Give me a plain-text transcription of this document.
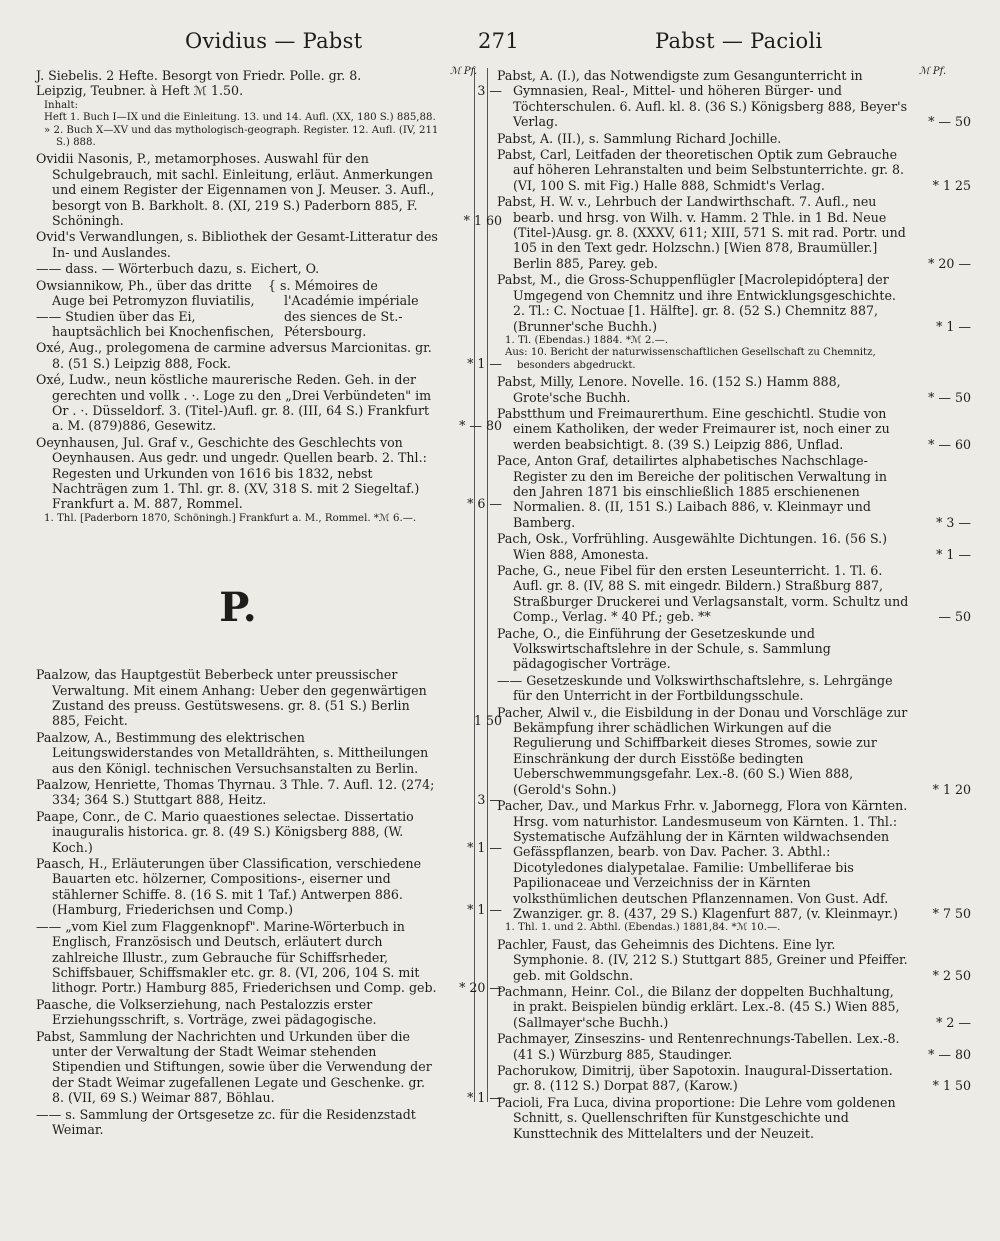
Ovidius — Pabst	271	Pabst — Pacioli
ℳ Pf.	ℳ Pf.
J. Siebelis. 2 Hefte. Besorgt von Friedr. Polle. gr. 8.
Leipzig, Teubner. à Heft ℳ 1.50.	3 —
Inhalt:
Heft 1. Buch I—IX und die Einleitung. 13. und 14. Aufl. (XX, 180 S.) 885,88.
» 2. Buch X—XV und das mythologisch-geograph. Register. 12. Aufl. (IV, 211 S.) 888.
Ovidii Nasonis, P., metamorphoses. Auswahl für den Schulgebrauch, mit sachl. Einleitung, erläut. Anmerkungen und einem Register der Eigennamen von J. Meuser. 3. Aufl., besorgt von B. Barkholt. 8. (XI, 219 S.) Paderborn 885, F. Schöningh.	* 1 60
Ovid's Verwandlungen, s. Bibliothek der Gesamt-Litteratur des In- und Auslandes.
—— dass. — Wörterbuch dazu, s. Eichert, O.
Owsiannikow, Ph., über das dritte Auge bei Petromyzon fluviatilis,
—— Studien über das Ei, hauptsächlich bei Knochenfischen,
{ s. Mémoires de l'Académie impériale des siences de St.-Pétersbourg.
Oxé, Aug., prolegomena de carmine adversus Marcionitas. gr. 8. (51 S.) Leipzig 888, Fock.	* 1 —
Oxé, Ludw., neun köstliche maurerische Reden. Geh. in der gerechten und vollk . ·. Loge zu den „Drei Verbündeten" im Or . ·. Düsseldorf. 3. (Titel-)Aufl. gr. 8. (III, 64 S.) Frankfurt a. M. (879)886, Gesewitz.	* — 80
Oeynhausen, Jul. Graf v., Geschichte des Geschlechts von Oeynhausen. Aus gedr. und ungedr. Quellen bearb. 2. Thl.: Regesten und Urkunden von 1616 bis 1832, nebst Nachträgen zum 1. Thl. gr. 8. (XV, 318 S. mit 2 Siegeltaf.) Frankfurt a. M. 887, Rommel.	* 6 —
1. Thl. [Paderborn 1870, Schöningh.] Frankfurt a. M., Rommel. *ℳ 6.—.
P.
Paalzow, das Hauptgestüt Beberbeck unter preussischer Verwaltung. Mit einem Anhang: Ueber den gegenwärtigen Zustand des preuss. Gestütswesens. gr. 8. (51 S.) Berlin 885, Feicht.	1 50
Paalzow, A., Bestimmung des elektrischen Leitungswiderstandes von Metalldrähten, s. Mittheilungen aus den Königl. technischen Versuchsanstalten zu Berlin.
Paalzow, Henriette, Thomas Thyrnau. 3 Thle. 7. Aufl. 12. (274; 334; 364 S.) Stuttgart 888, Heitz.	3 —
Paape, Conr., de C. Mario quaestiones selectae. Dissertatio inauguralis historica. gr. 8. (49 S.) Königsberg 888, (W. Koch.)	* 1 —
Paasch, H., Erläuterungen über Classification, verschiedene Bauarten etc. hölzerner, Compositions-, eiserner und stählerner Schiffe. 8. (16 S. mit 1 Taf.) Antwerpen 886. (Hamburg, Friederichsen und Comp.)	* 1 —
—— „vom Kiel zum Flaggenknopf". Marine-Wörterbuch in Englisch, Französisch und Deutsch, erläutert durch zahlreiche Illustr., zum Gebrauche für Schiffsrheder, Schiffsbauer, Schiffsmakler etc. gr. 8. (VI, 206, 104 S. mit lithogr. Portr.) Hamburg 885, Friederichsen und Comp. geb.	* 20 —
Paasche, die Volkserziehung, nach Pestalozzis erster Erziehungsschrift, s. Vorträge, zwei pädagogische.
Pabst, Sammlung der Nachrichten und Urkunden über die unter der Verwaltung der Stadt Weimar stehenden Stipendien und Stiftungen, sowie über die Verwendung der der Stadt Weimar zugefallenen Legate und Geschenke. gr. 8. (VII, 69 S.) Weimar 887, Böhlau.	* 1 —
—— s. Sammlung der Ortsgesetze zc. für die Residenzstadt Weimar.
Pabst, A. (I.), das Notwendigste zum Gesangunterricht in Gymnasien, Real-, Mittel- und höheren Bürger- und Töchterschulen. 6. Aufl. kl. 8. (36 S.) Königsberg 888, Beyer's Verlag.	* — 50
Pabst, A. (II.), s. Sammlung Richard Jochille.
Pabst, Carl, Leitfaden der theoretischen Optik zum Gebrauche auf höheren Lehranstalten und beim Selbstunterrichte. gr. 8. (VI, 100 S. mit Fig.) Halle 888, Schmidt's Verlag.	* 1 25
Pabst, H. W. v., Lehrbuch der Landwirthschaft. 7. Aufl., neu bearb. und hrsg. von Wilh. v. Hamm. 2 Thle. in 1 Bd. Neue (Titel-)Ausg. gr. 8. (XXXV, 611; XIII, 571 S. mit rad. Portr. und 105 in den Text gedr. Holzschn.) [Wien 878, Braumüller.] Berlin 885, Parey. geb.	* 20 —
Pabst, M., die Gross-Schuppenflügler [Macrolepidóptera] der Umgegend von Chemnitz und ihre Entwicklungsgeschichte. 2. Tl.: C. Noctuae [1. Hälfte]. gr. 8. (52 S.) Chemnitz 887, (Brunner'sche Buchh.)	* 1 —
1. Tl. (Ebendas.) 1884. *ℳ 2.—.
Aus: 10. Bericht der naturwissenschaftlichen Gesellschaft zu Chemnitz, besonders abgedruckt.
Pabst, Milly, Lenore. Novelle. 16. (152 S.) Hamm 888, Grote'sche Buchh.	* — 50
Pabstthum und Freimaurerthum. Eine geschichtl. Studie von einem Katholiken, der weder Freimaurer ist, noch einer zu werden beabsichtigt. 8. (39 S.) Leipzig 886, Unflad.	* — 60
Pace, Anton Graf, detailirtes alphabetisches Nachschlage-Register zu den im Bereiche der politischen Verwaltung in den Jahren 1871 bis einschließlich 1885 erschienenen Normalien. 8. (II, 151 S.) Laibach 886, v. Kleinmayr und Bamberg.	* 3 —
Pach, Osk., Vorfrühling. Ausgewählte Dichtungen. 16. (56 S.) Wien 888, Amonesta.	* 1 —
Pache, G., neue Fibel für den ersten Leseunterricht. 1. Tl. 6. Aufl. gr. 8. (IV, 88 S. mit eingedr. Bildern.) Straßburg 887, Straßburger Druckerei und Verlagsanstalt, vorm. Schultz und Comp., Verlag. * 40 Pf.; geb. **	— 50
Pache, O., die Einführung der Gesetzeskunde und Volkswirtschaftslehre in der Schule, s. Sammlung pädagogischer Vorträge.
—— Gesetzeskunde und Volkswirthschaftslehre, s. Lehrgänge für den Unterricht in der Fortbildungsschule.
Pacher, Alwil v., die Eisbildung in der Donau und Vorschläge zur Bekämpfung ihrer schädlichen Wirkungen auf die Regulierung und Schiffbarkeit dieses Stromes, sowie zur Einschränkung der durch Eisstöße bedingten Ueberschwemmungsgefahr. Lex.-8. (60 S.) Wien 888, (Gerold's Sohn.)	* 1 20
Pacher, Dav., und Markus Frhr. v. Jabornegg, Flora von Kärnten. Hrsg. vom naturhistor. Landesmuseum von Kärnten. 1. Thl.: Systematische Aufzählung der in Kärnten wildwachsenden Gefässpflanzen, bearb. von Dav. Pacher. 3. Abthl.: Dicotyledones dialypetalae. Familie: Umbelliferae bis Papilionaceae und Verzeichniss der in Kärnten volksthümlichen deutschen Pflanzennamen. Von Gust. Adf. Zwanziger. gr. 8. (437, 29 S.) Klagenfurt 887, (v. Kleinmayr.)	* 7 50
1. Thl. 1. und 2. Abthl. (Ebendas.) 1881,84. *ℳ 10.—.
Pachler, Faust, das Geheimnis des Dichtens. Eine lyr. Symphonie. 8. (IV, 212 S.) Stuttgart 885, Greiner und Pfeiffer. geb. mit Goldschn.	* 2 50
Pachmann, Heinr. Col., die Bilanz der doppelten Buchhaltung, in prakt. Beispielen bündig erklärt. Lex.-8. (45 S.) Wien 885, (Sallmayer'sche Buchh.)	* 2 —
Pachmayer, Zinseszins- und Rentenrechnungs-Tabellen. Lex.-8. (41 S.) Würzburg 885, Staudinger.	* — 80
Pachorukow, Dimitrij, über Sapotoxin. Inaugural-Dissertation. gr. 8. (112 S.) Dorpat 887, (Karow.)	* 1 50
Pacioli, Fra Luca, divina proportione: Die Lehre vom goldenen Schnitt, s. Quellenschriften für Kunstgeschichte und Kunsttechnik des Mittelalters und der Neuzeit.
